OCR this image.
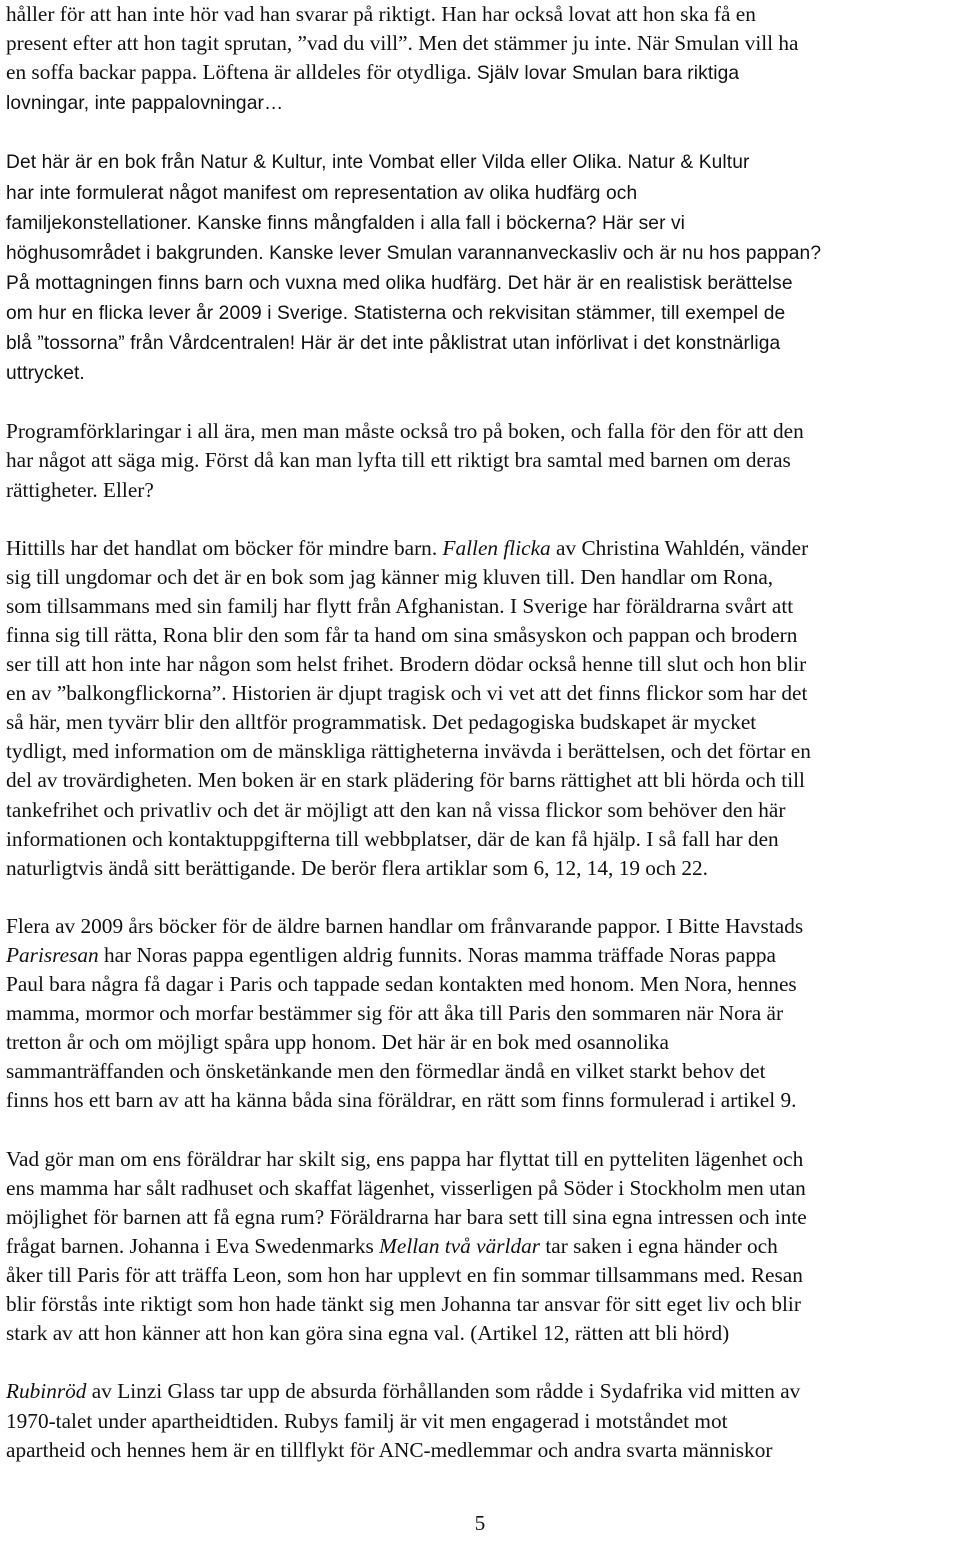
håller för att han inte hör vad han svarar på riktigt. Han har också lovat att hon ska få en
present efter att hon tagit sprutan, ”vad du vill”. Men det stämmer ju inte. När Smulan vill ha
en soffa backar pappa. Löftena är alldeles för otydliga. Själv lovar Smulan bara riktiga
lovningar, inte pappalovningar…
Det här är en bok från Natur & Kultur, inte Vombat eller Vilda eller Olika. Natur & Kultur
har inte formulerat något manifest om representation av olika hudfärg och
familjekonstellationer. Kanske finns mångfalden i alla fall i böckerna? Här ser vi
höghusområdet i bakgrunden. Kanske lever Smulan varannanveckasliv och är nu hos pappan?
På mottagningen finns barn och vuxna med olika hudfärg. Det här är en realistisk berättelse
om hur en flicka lever år 2009 i Sverige. Statisterna och rekvisitan stämmer, till exempel de
blå ”tossorna” från Vårdcentralen! Här är det inte påklistrat utan införlivat i det konstnärliga
uttrycket.
Programförklaringar i all ära, men man måste också tro på boken, och falla för den för att den
har något att säga mig. Först då kan man lyfta till ett riktigt bra samtal med barnen om deras
rättigheter. Eller?
Hittills har det handlat om böcker för mindre barn. Fallen flicka av Christina Wahldén, vänder
sig till ungdomar och det är en bok som jag känner mig kluven till. Den handlar om Rona,
som tillsammans med sin familj har flytt från Afghanistan. I Sverige har föräldrarna svårt att
finna sig till rätta, Rona blir den som får ta hand om sina småsyskon och pappan och brodern
ser till att hon inte har någon som helst frihet. Brodern dödar också henne till slut och hon blir
en av ”balkongflickorna”. Historien är djupt tragisk och vi vet att det finns flickor som har det
så här, men tyvärr blir den alltför programmatisk. Det pedagogiska budskapet är mycket
tydligt, med information om de mänskliga rättigheterna invävda i berättelsen, och det förtar en
del av trovärdigheten. Men boken är en stark plädering för barns rättighet att bli hörda och till
tankefrihet och privatliv och det är möjligt att den kan nå vissa flickor som behöver den här
informationen och kontaktuppgifterna till webbplatser, där de kan få hjälp. I så fall har den
naturligtvis ändå sitt berättigande. De berör flera artiklar som 6, 12, 14, 19 och 22.
Flera av 2009 års böcker för de äldre barnen handlar om frånvarande pappor. I Bitte Havstads
Parisresan har Noras pappa egentligen aldrig funnits. Noras mamma träffade Noras pappa
Paul bara några få dagar i Paris och tappade sedan kontakten med honom. Men Nora, hennes
mamma, mormor och morfar bestämmer sig för att åka till Paris den sommaren när Nora är
tretton år och om möjligt spåra upp honom. Det här är en bok med osannolika
sammanträffanden och önsketänkande men den förmedlar ändå en vilket starkt behov det
finns hos ett barn av att ha känna båda sina föräldrar, en rätt som finns formulerad i artikel 9.
Vad gör man om ens föräldrar har skilt sig, ens pappa har flyttat till en pytteliten lägenhet och
ens mamma har sålt radhuset och skaffat lägenhet, visserligen på Söder i Stockholm men utan
möjlighet för barnen att få egna rum? Föräldrarna har bara sett till sina egna intressen och inte
frågat barnen. Johanna i Eva Swedenmarks Mellan två världar tar saken i egna händer och
åker till Paris för att träffa Leon, som hon har upplevt en fin sommar tillsammans med. Resan
blir förstås inte riktigt som hon hade tänkt sig men Johanna tar ansvar för sitt eget liv och blir
stark av att hon känner att hon kan göra sina egna val. (Artikel 12, rätten att bli hörd)
Rubinröd av Linzi Glass tar upp de absurda förhållanden som rådde i Sydafrika vid mitten av
1970-talet under apartheidtiden. Rubys familj är vit men engagerad i motståndet mot
apartheid och hennes hem är en tillflykt för ANC-medlemmar och andra svarta människor
5
